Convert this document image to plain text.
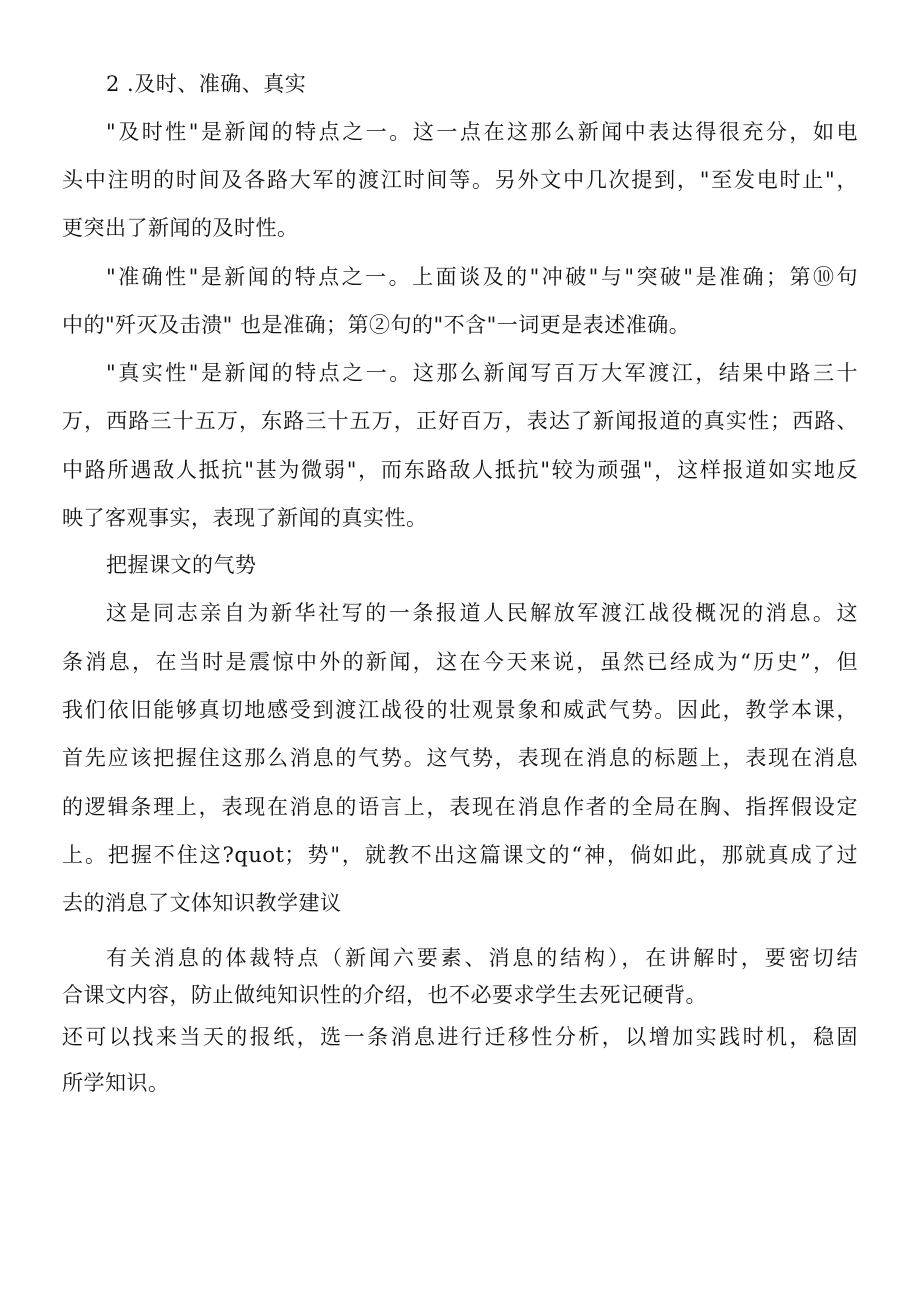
2 .及时、准确、真实
"及时性"是新闻的特点之一。这一点在这那么新闻中表达得很充分，如电
头中注明的时间及各路大军的渡江时间等。另外文中几次提到，"至发电时止"，
更突出了新闻的及时性。
"准确性"是新闻的特点之一。上面谈及的"冲破"与"突破"是准确；第⑩句
中的"歼灭及击溃" 也是准确；第②句的"不含"一词更是表述准确。
"真实性"是新闻的特点之一。这那么新闻写百万大军渡江，结果中路三十
万，西路三十五万，东路三十五万，正好百万，表达了新闻报道的真实性；西路、
中路所遇敌人抵抗"甚为微弱"，而东路敌人抵抗"较为顽强"，这样报道如实地反
映了客观事实，表现了新闻的真实性。
把握课文的气势
这是同志亲自为新华社写的一条报道人民解放军渡江战役概况的消息。这
条消息，在当时是震惊中外的新闻，这在今天来说，虽然已经成为“历史”，但
我们依旧能够真切地感受到渡江战役的壮观景象和威武气势。因此，教学本课，
首先应该把握住这那么消息的气势。这气势，表现在消息的标题上，表现在消息
的逻辑条理上，表现在消息的语言上，表现在消息作者的全局在胸、指挥假设定
上。把握不住这?quot；势"，就教不出这篇课文的“神，倘如此，那就真成了过
去的消息了文体知识教学建议
有关消息的体裁特点（新闻六要素、消息的结构），在讲解时，要密切结
合课文内容，防止做纯知识性的介绍，也不必要求学生去死记硬背。
还可以找来当天的报纸，选一条消息进行迁移性分析，以增加实践时机，稳固
所学知识。
